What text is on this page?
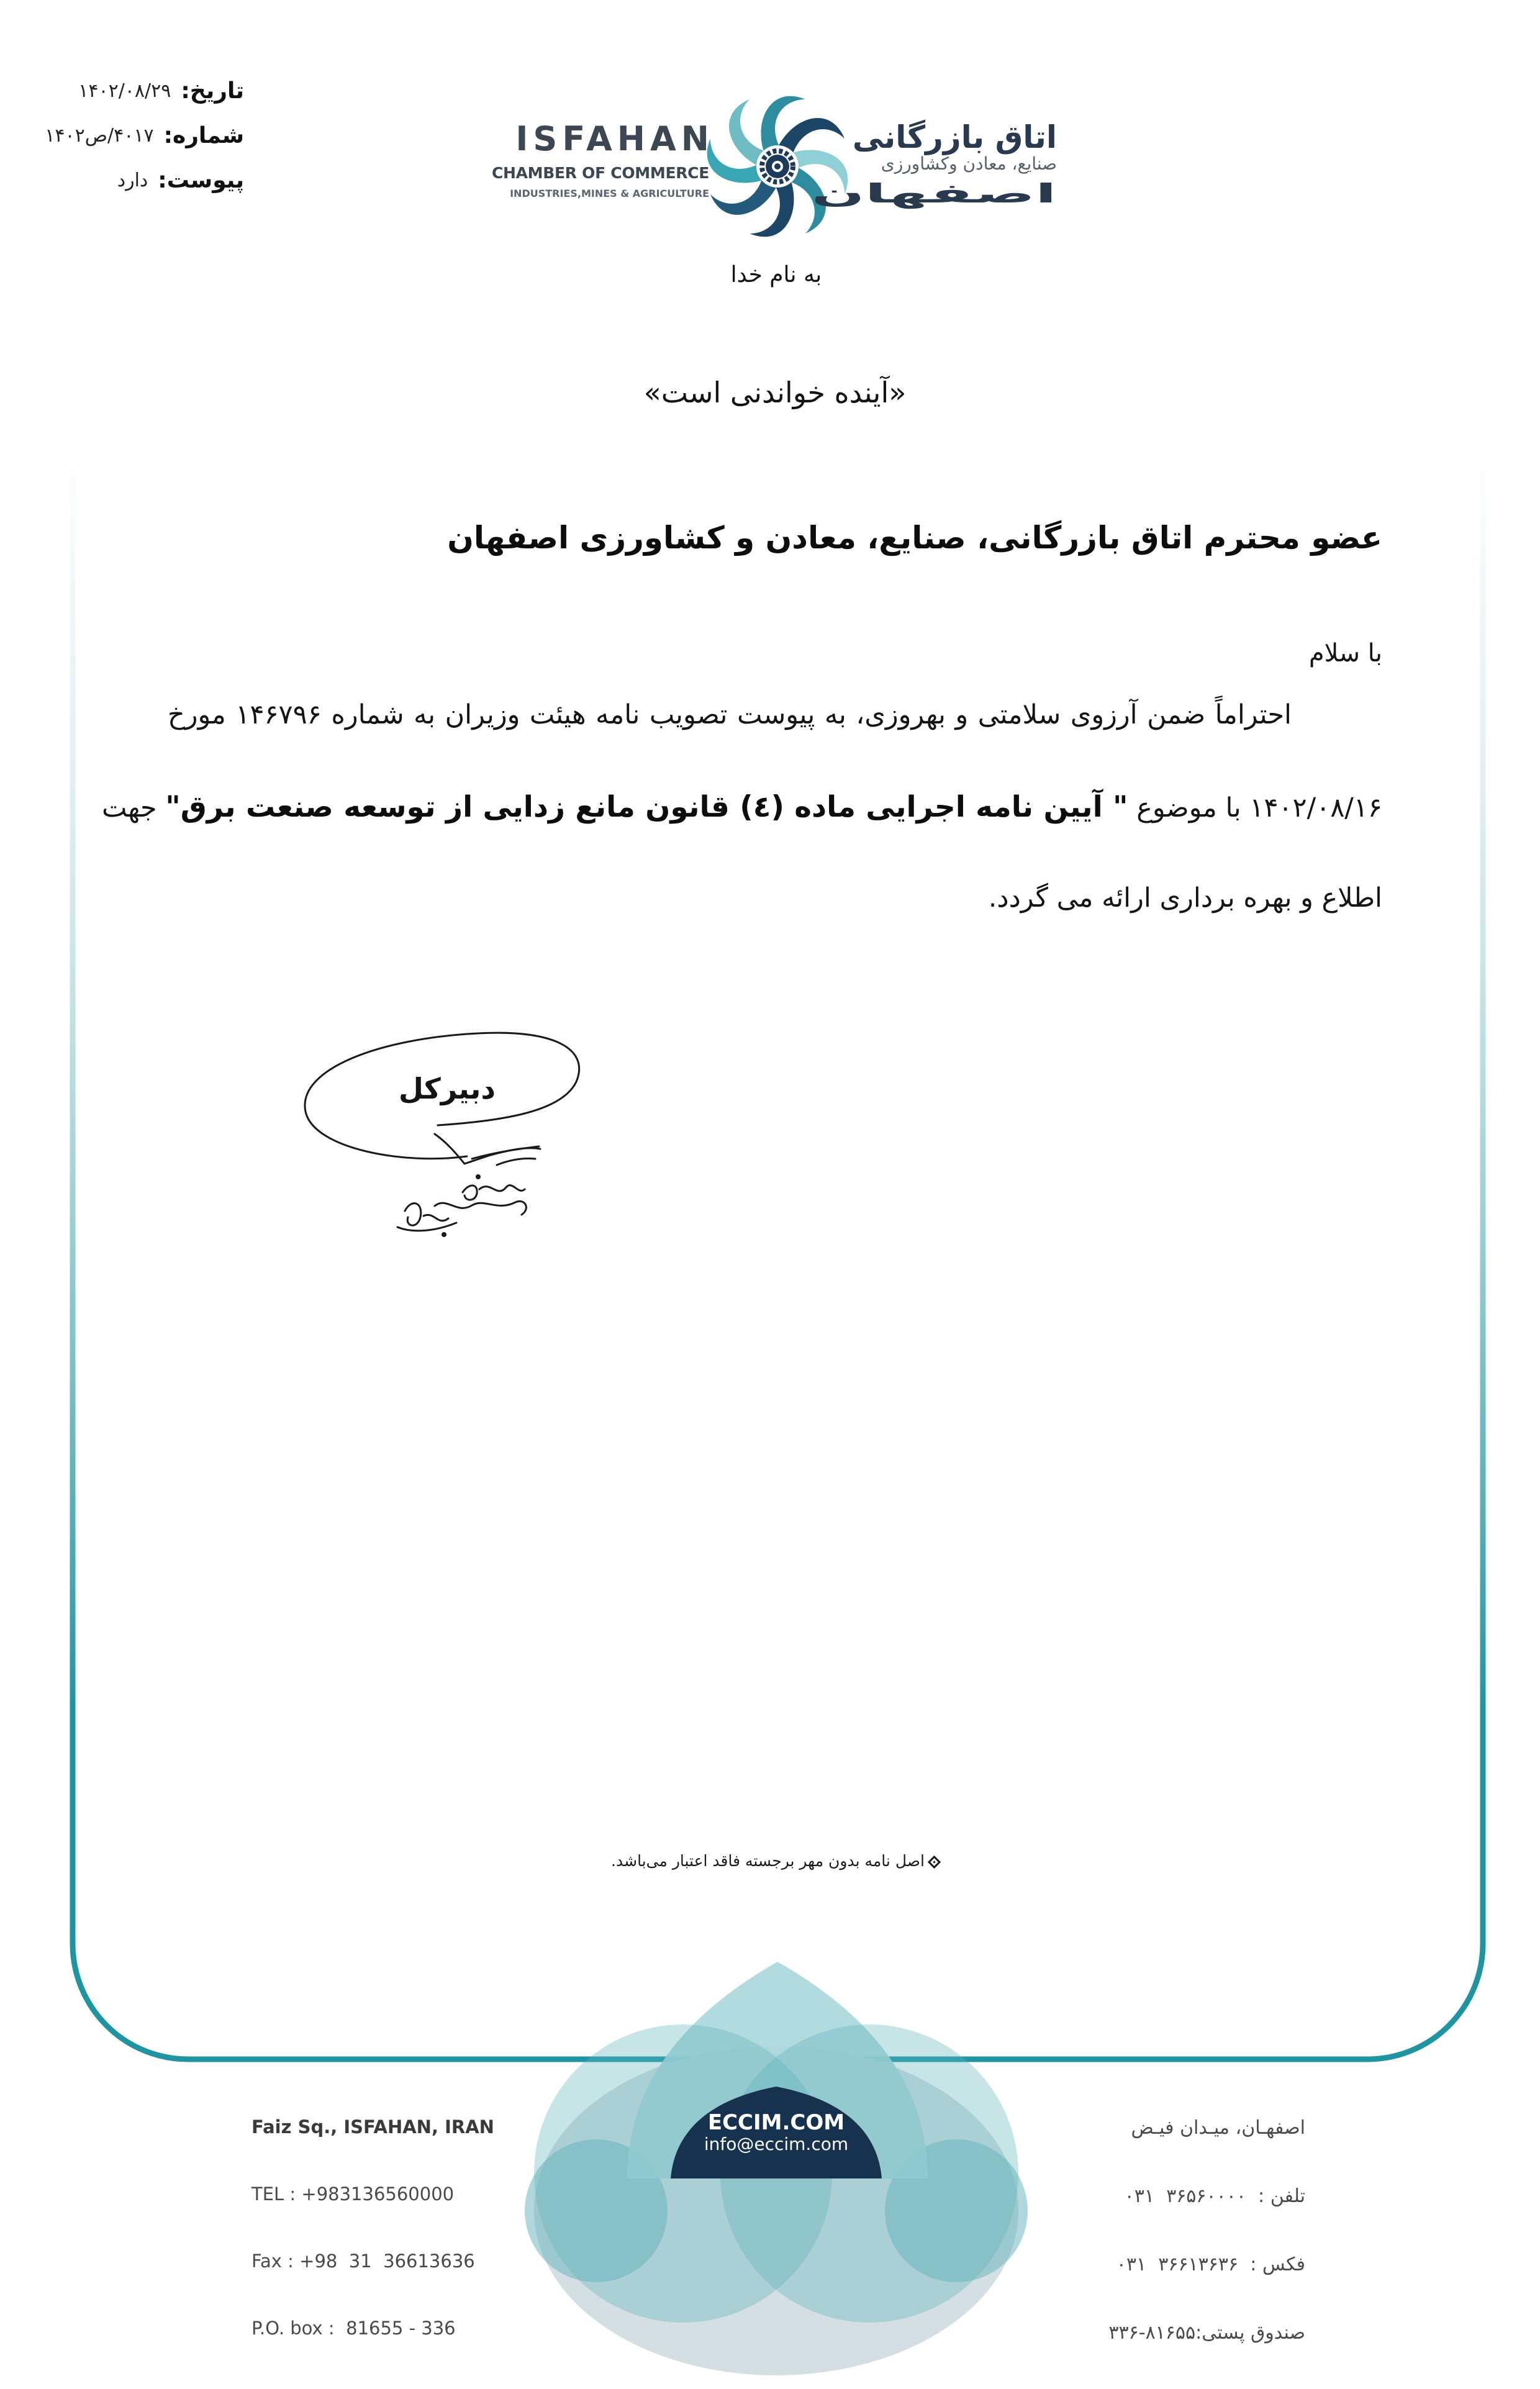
تاریخ:
۱۴۰۲/۰۸/۲۹
شماره:
۴۰۱۷/ص۱۴۰۲
پیوست:
دارد
ISFAHAN
CHAMBER OF COMMERCE
INDUSTRIES,MINES & AGRICULTURE
اتاق بازرگانی
صنایع، معادن وکشاورزی
اصفهان
به نام خدا
«آینده خواندنی است»
عضو محترم اتاق بازرگانی، صنایع، معادن و کشاورزی اصفهان
با سلام
احتراماً ضمن آرزوی سلامتی و بهروزی، به پیوست تصویب نامه هیئت وزیران به شماره ۱۴۶۷۹۶ مورخ
۱۴۰۲/۰۸/۱۶ با موضوع " آیین نامه اجرایی ماده (٤) قانون مانع زدایی از توسعه صنعت برق" جهت
اطلاع و بهره برداری ارائه می گردد.
دبیرکل
اصل نامه بدون مهر برجسته فاقد اعتبار می‌باشد.

Faiz Sq., ISFAHAN, IRAN

TEL : +983136560000

Fax : +98  31  36613636

P.O. box :  81655 - 336

اصفهـان، میـدان فیـض

تلفن :  ۳۶۵۶۰۰۰۰  ۰۳۱

فکس :  ۳۶۶۱۳۶۳۶  ۰۳۱

صندوق پستی:۸۱۶۵۵-۳۳۶

ECCIM.COM
info@eccim.com
